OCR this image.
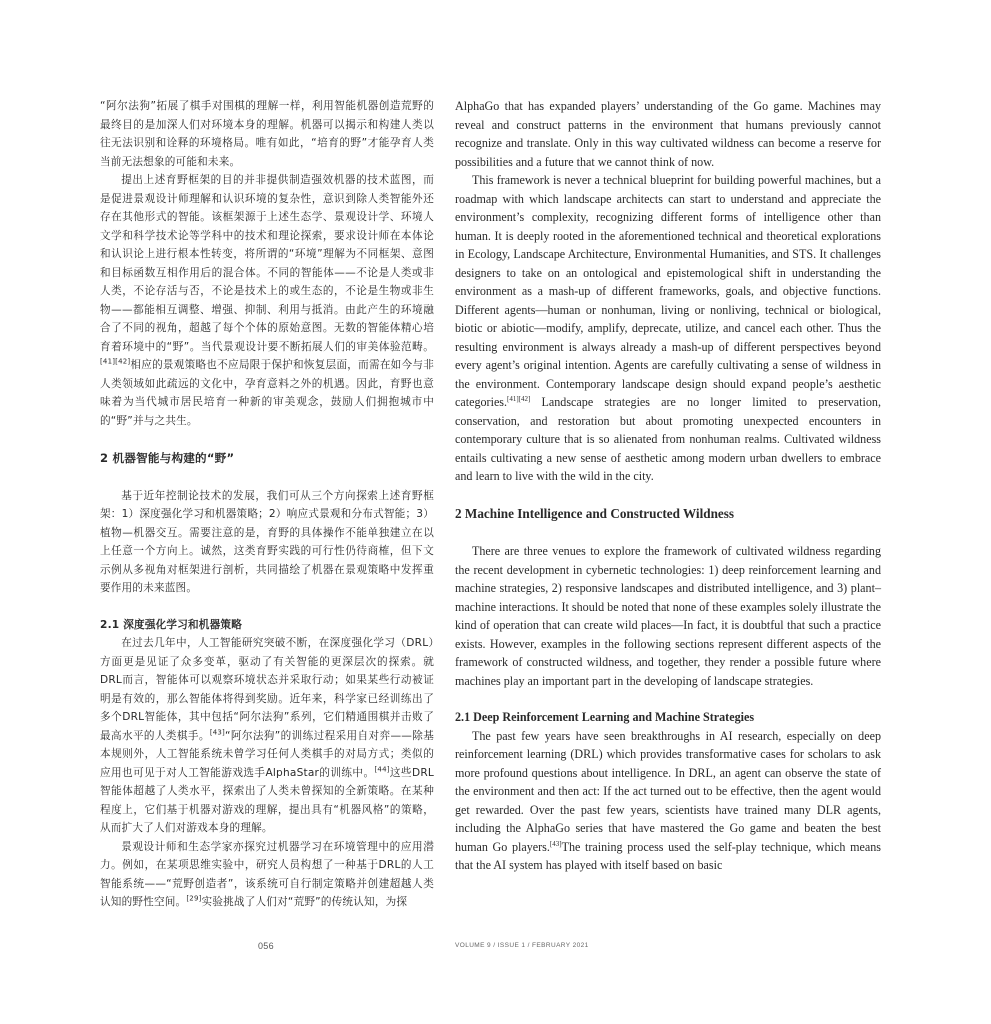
“阿尔法狗”拓展了棋手对围棋的理解一样，利用智能机器创造荒野的最终目的是加深人们对环境本身的理解。机器可以揭示和构建人类以往无法识别和诠释的环境格局。唯有如此，“培育的野”才能孕育人类当前无法想象的可能和未来。

提出上述育野框架的目的并非提供制造强效机器的技术蓝图，而是促进景观设计师理解和认识环境的复杂性，意识到除人类智能外还存在其他形式的智能。该框架源于上述生态学、景观设计学、环境人文学和科学技术论等学科中的技术和理论探索，要求设计师在本体论和认识论上进行根本性转变，将所谓的“环境”理解为不同框架、意图和目标函数互相作用后的混合体。不同的智能体——不论是人类或非人类，不论存活与否，不论是技术上的或生态的，不论是生物或非生物——都能相互调整、增强、抑制、利用与抵消。由此产生的环境融合了不同的视角，超越了每个个体的原始意图。无数的智能体精心培育着环境中的“野”。当代景观设计要不断拓展人们的审美体验范畴。[41][42]相应的景观策略也不应局限于保护和恢复层面，而需在如今与非人类领域如此疏远的文化中，孕育意料之外的机遇。因此，育野也意味着为当代城市居民培育一种新的审美观念，鼓励人们拥抱城市中的“野”并与之共生。

2 机器智能与构建的“野”

基于近年控制论技术的发展，我们可从三个方向探索上述育野框架：1）深度强化学习和机器策略；2）响应式景观和分布式智能；3）植物—机器交互。需要注意的是，育野的具体操作不能单独建立在以上任意一个方向上。诚然，这类育野实践的可行性仍待商榷，但下文示例从多视角对框架进行剖析，共同描绘了机器在景观策略中发挥重要作用的未来蓝图。

2.1 深度强化学习和机器策略

在过去几年中，人工智能研究突破不断，在深度强化学习（DRL）方面更是见证了众多变革，驱动了有关智能的更深层次的探索。就DRL而言，智能体可以观察环境状态并采取行动；如果某些行动被证明是有效的，那么智能体将得到奖励。近年来，科学家已经训练出了多个DRL智能体，其中包括“阿尔法狗”系列，它们精通围棋并击败了最高水平的人类棋手。[43]“阿尔法狗”的训练过程采用自对弈——除基本规则外，人工智能系统未曾学习任何人类棋手的对局方式；类似的应用也可见于对人工智能游戏选手AlphaStar的训练中。[44]这些DRL智能体超越了人类水平，探索出了人类未曾探知的全新策略。在某种程度上，它们基于机器对游戏的理解，提出具有“机器风格”的策略，从而扩大了人们对游戏本身的理解。

景观设计师和生态学家亦探究过机器学习在环境管理中的应用潜力。例如，在某项思维实验中，研究人员构想了一种基于DRL的人工智能系统——“荒野创造者”，该系统可自行制定策略并创建超越人类认知的野性空间。[29]实验挑战了人们对“荒野”的传统认知，为探

AlphaGo that has expanded players’ understanding of the Go game. Machines may reveal and construct patterns in the environment that humans previously cannot recognize and translate. Only in this way cultivated wildness can become a reserve for possibilities and a future that we cannot think of now.

This framework is never a technical blueprint for building powerful machines, but a roadmap with which landscape architects can start to understand and appreciate the environment’s complexity, recognizing different forms of intelligence other than human. It is deeply rooted in the aforementioned technical and theoretical explorations in Ecology, Landscape Architecture, Environmental Humanities, and STS. It challenges designers to take on an ontological and epistemological shift in understanding the environment as a mash-up of different frameworks, goals, and objective functions. Different agents—human or nonhuman, living or nonliving, technical or biological, biotic or abiotic—modify, amplify, deprecate, utilize, and cancel each other. Thus the resulting environment is always already a mash-up of different perspectives beyond every agent’s original intention. Agents are carefully cultivating a sense of wildness in the environment. Contemporary landscape design should expand people’s aesthetic categories.[41][42] Landscape strategies are no longer limited to preservation, conservation, and restoration but about promoting unexpected encounters in contemporary culture that is so alienated from nonhuman realms. Cultivated wildness entails cultivating a new sense of aesthetic among modern urban dwellers to embrace and learn to live with the wild in the city.

2 Machine Intelligence and Constructed Wildness

There are three venues to explore the framework of cultivated wildness regarding the recent development in cybernetic technologies: 1) deep reinforcement learning and machine strategies, 2) responsive landscapes and distributed intelligence, and 3) plant–machine interactions. It should be noted that none of these examples solely illustrate the kind of operation that can create wild places—In fact, it is doubtful that such a practice exists. However, examples in the following sections represent different aspects of the framework of constructed wildness, and together, they render a possible future where machines play an important part in the developing of landscape strategies.

2.1 Deep Reinforcement Learning and Machine Strategies

The past few years have seen breakthroughs in AI research, especially on deep reinforcement learning (DRL) which provides transformative cases for scholars to ask more profound questions about intelligence. In DRL, an agent can observe the state of the environment and then act: If the act turned out to be effective, then the agent would get rewarded. Over the past few years, scientists have trained many DLR agents, including the AlphaGo series that have mastered the Go game and beaten the best human Go players.[43]The training process used the self-play technique, which means that the AI system has played with itself based on basic

056	VOLUME 9 / ISSUE 1 / FEBRUARY 2021
